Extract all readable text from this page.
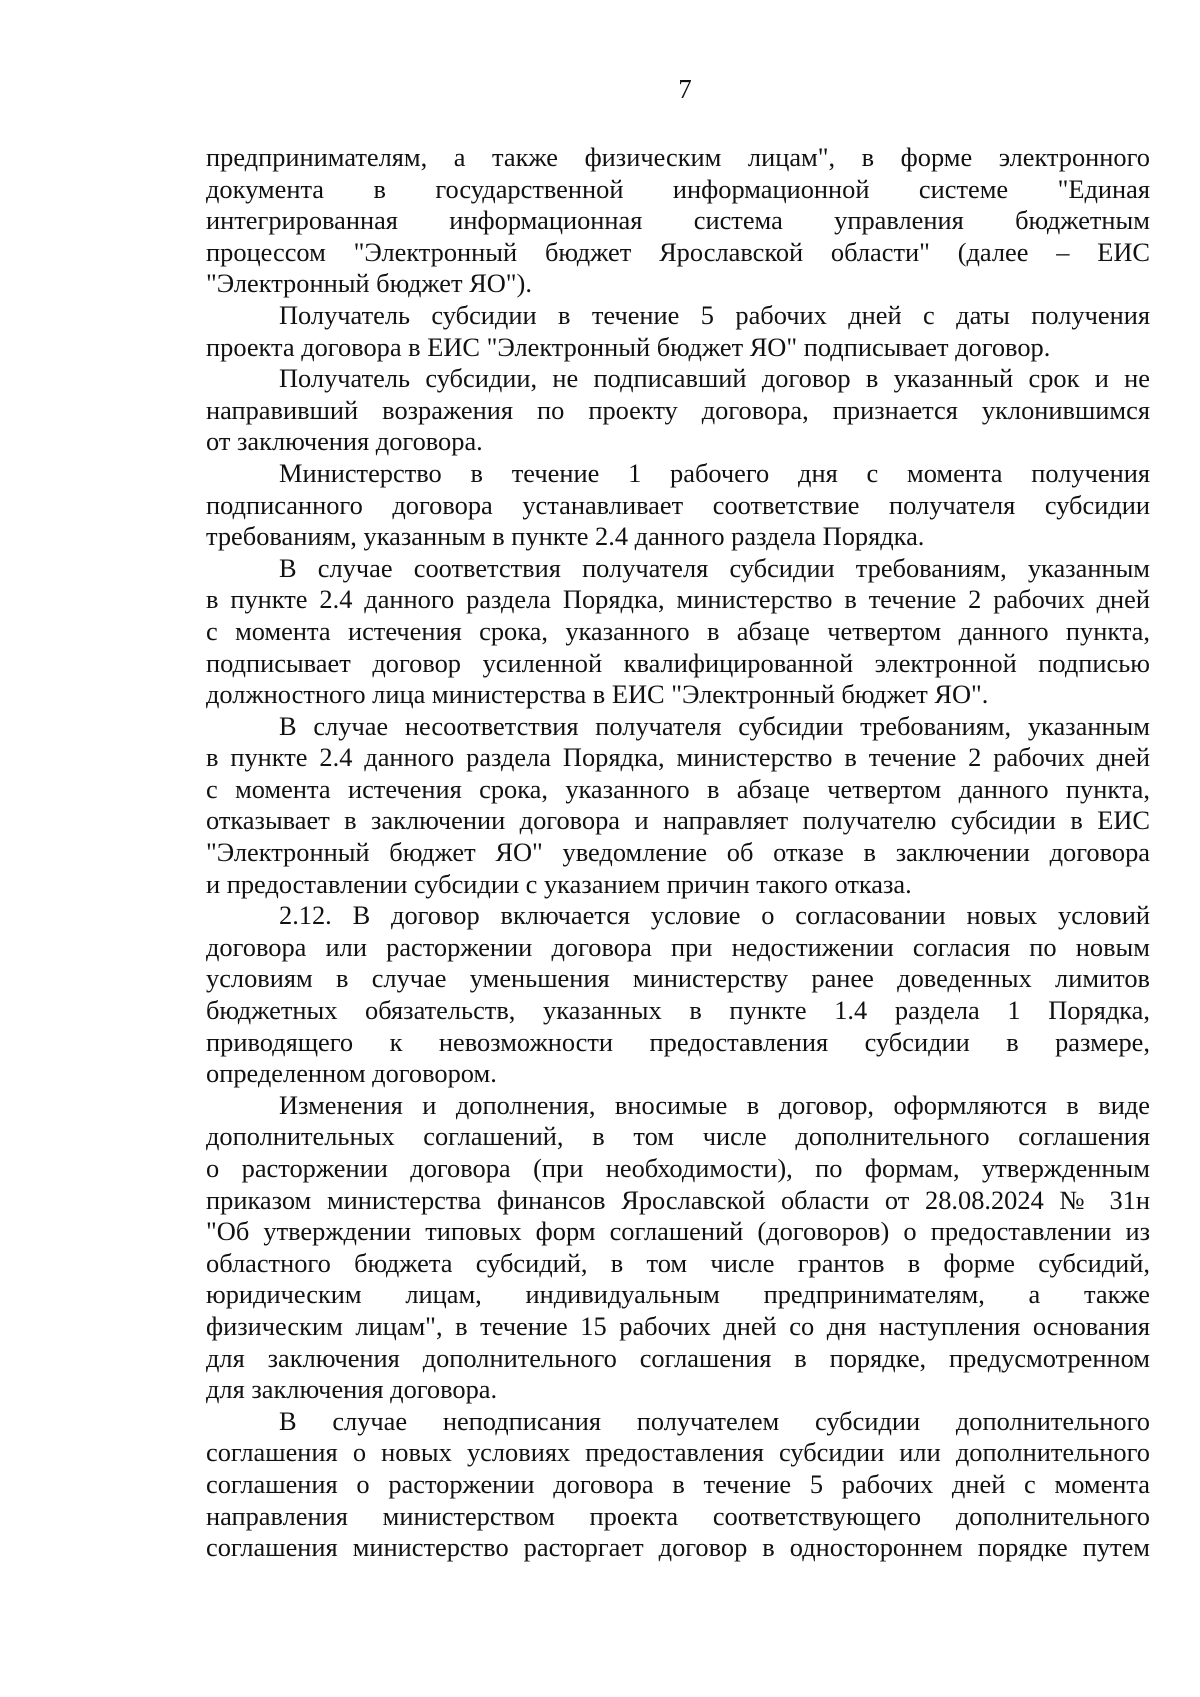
7
предпринимателям, а также физическим лицам", в форме электронного
документа в государственной информационной системе "Единая
интегрированная информационная система управления бюджетным
процессом "Электронный бюджет Ярославской области" (далее – ЕИС
"Электронный бюджет ЯО").
Получатель субсидии в течение 5 рабочих дней с даты получения
проекта договора в ЕИС "Электронный бюджет ЯО" подписывает договор.
Получатель субсидии, не подписавший договор в указанный срок и не
направивший возражения по проекту договора, признается уклонившимся
от заключения договора.
Министерство в течение 1 рабочего дня с момента получения
подписанного договора устанавливает соответствие получателя субсидии
требованиям, указанным в пункте 2.4 данного раздела Порядка.
В случае соответствия получателя субсидии требованиям, указанным
в пункте 2.4 данного раздела Порядка, министерство в течение 2 рабочих дней
с момента истечения срока, указанного в абзаце четвертом данного пункта,
подписывает договор усиленной квалифицированной электронной подписью
должностного лица министерства в ЕИС "Электронный бюджет ЯО".
В случае несоответствия получателя субсидии требованиям, указанным
в пункте 2.4 данного раздела Порядка, министерство в течение 2 рабочих дней
с момента истечения срока, указанного в абзаце четвертом данного пункта,
отказывает в заключении договора и направляет получателю субсидии в ЕИС
"Электронный бюджет ЯО" уведомление об отказе в заключении договора
и предоставлении субсидии с указанием причин такого отказа.
2.12. В договор включается условие о согласовании новых условий
договора или расторжении договора при недостижении согласия по новым
условиям в случае уменьшения министерству ранее доведенных лимитов
бюджетных обязательств, указанных в пункте 1.4 раздела 1 Порядка,
приводящего к невозможности предоставления субсидии в размере,
определенном договором.
Изменения и дополнения, вносимые в договор, оформляются в виде
дополнительных соглашений, в том числе дополнительного соглашения
о расторжении договора (при необходимости), по формам, утвержденным
приказом министерства финансов Ярославской области от 28.08.2024 № 31н
"Об утверждении типовых форм соглашений (договоров) о предоставлении из
областного бюджета субсидий, в том числе грантов в форме субсидий,
юридическим лицам, индивидуальным предпринимателям, а также
физическим лицам", в течение 15 рабочих дней со дня наступления основания
для заключения дополнительного соглашения в порядке, предусмотренном
для заключения договора.
В случае неподписания получателем субсидии дополнительного
соглашения о новых условиях предоставления субсидии или дополнительного
соглашения о расторжении договора в течение 5 рабочих дней с момента
направления министерством проекта соответствующего дополнительного
соглашения министерство расторгает договор в одностороннем порядке путем
